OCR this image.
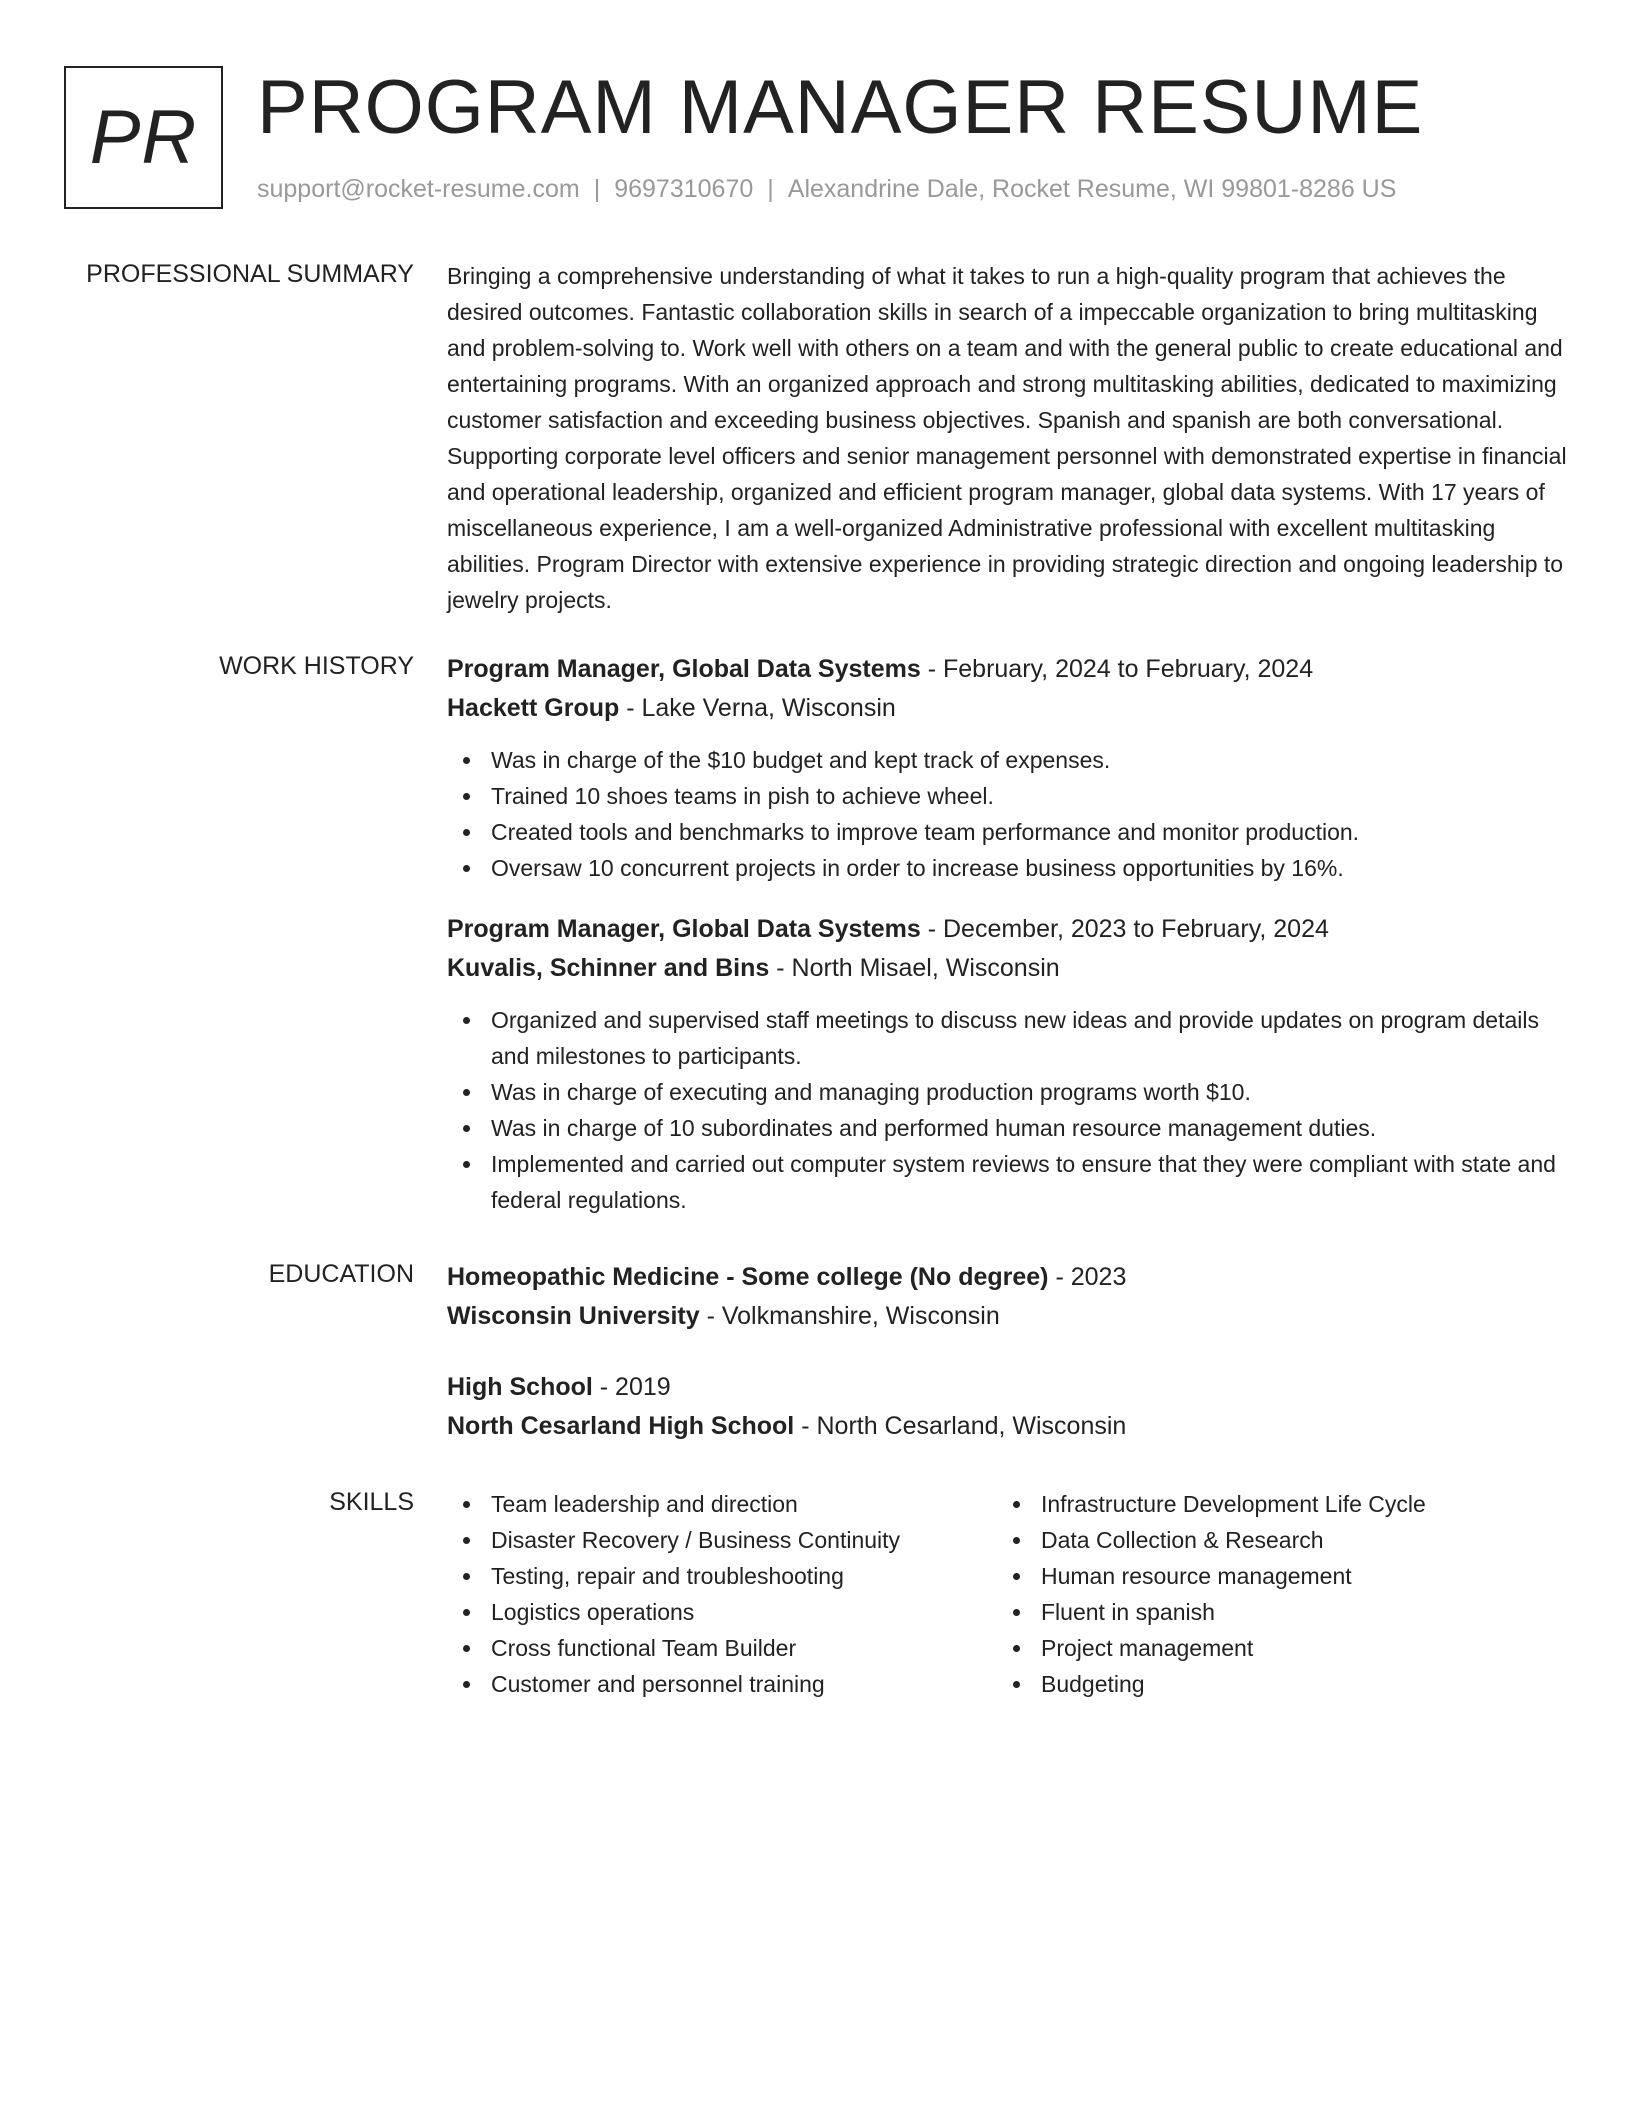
PR PROGRAM MANAGER RESUME
support@rocket-resume.com | 9697310670 | Alexandrine Dale, Rocket Resume, WI 99801-8286 US
PROFESSIONAL SUMMARY Bringing a comprehensive understanding of what it takes to run a high-quality program that achieves the desired outcomes. Fantastic collaboration skills in search of a impeccable organization to bring multitasking and problem-solving to. Work well with others on a team and with the general public to create educational and entertaining programs. With an organized approach and strong multitasking abilities, dedicated to maximizing customer satisfaction and exceeding business objectives. Spanish and spanish are both conversational. Supporting corporate level officers and senior management personnel with demonstrated expertise in financial and operational leadership, organized and efficient program manager, global data systems. With 17 years of miscellaneous experience, I am a well-organized Administrative professional with excellent multitasking abilities. Program Director with extensive experience in providing strategic direction and ongoing leadership to jewelry projects.

WORK HISTORY Program Manager, Global Data Systems - February, 2024 to February, 2024
Hackett Group - Lake Verna, Wisconsin
Was in charge of the $10 budget and kept track of expenses.
Trained 10 shoes teams in pish to achieve wheel.
Created tools and benchmarks to improve team performance and monitor production.
Oversaw 10 concurrent projects in order to increase business opportunities by 16%.
Program Manager, Global Data Systems - December, 2023 to February, 2024
Kuvalis, Schinner and Bins - North Misael, Wisconsin
Organized and supervised staff meetings to discuss new ideas and provide updates on program details and milestones to participants.
Was in charge of executing and managing production programs worth $10.
Was in charge of 10 subordinates and performed human resource management duties.
Implemented and carried out computer system reviews to ensure that they were compliant with state and federal regulations.
EDUCATION Homeopathic Medicine - Some college (No degree) - 2023
Wisconsin University - Volkmanshire, Wisconsin
High School - 2019
North Cesarland High School - North Cesarland, Wisconsin
SKILLS	Team leadership and direction
Disaster Recovery / Business Continuity
Testing, repair and troubleshooting
Logistics operations
Cross functional Team Builder
Customer and personnel training
Infrastructure Development Life Cycle
Data Collection & Research
Human resource management
Fluent in spanish
Project management
Budgeting
